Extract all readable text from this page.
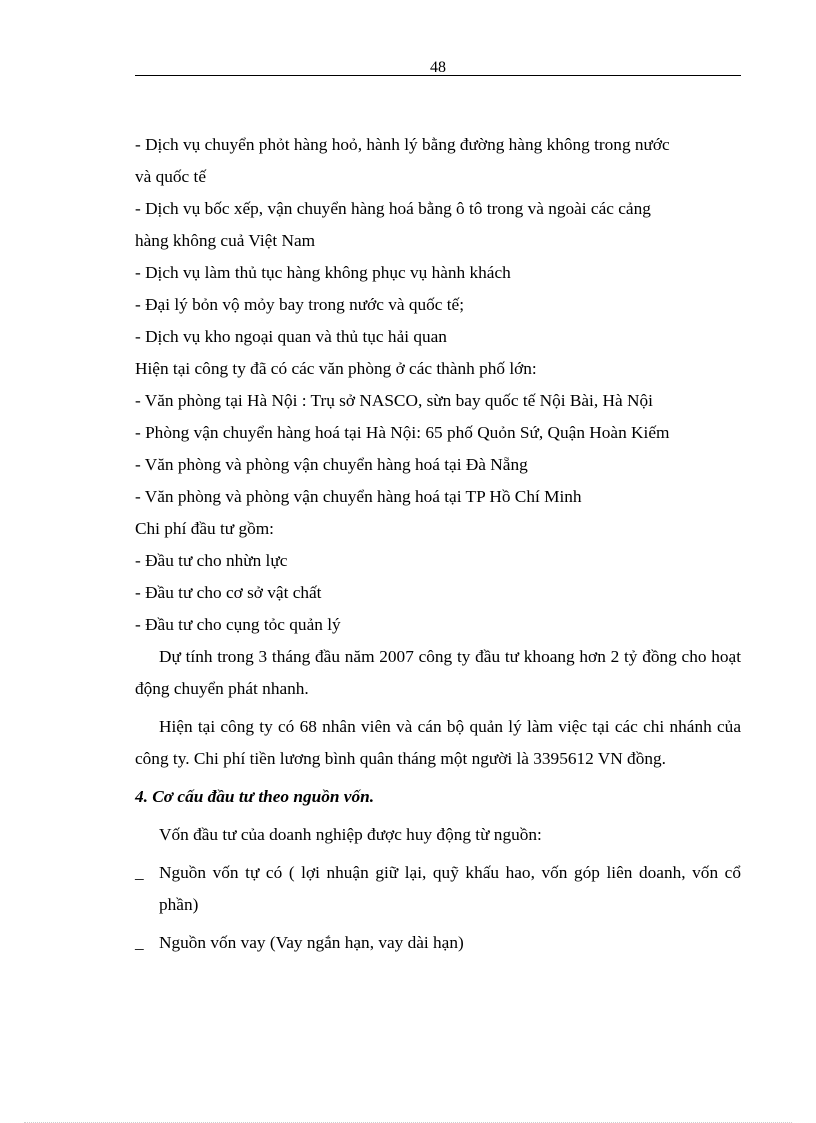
48
- Dịch vụ chuyển phỏt hàng hoỏ, hành lý bằng đường hàng không trong nước
và quốc tế
- Dịch vụ bốc xếp, vận chuyển hàng hoá bằng ô tô trong và ngoài các cảng
hàng không cuả Việt Nam
- Dịch vụ làm thủ tục hàng không phục vụ hành khách
- Đại lý bỏn vộ mỏy bay trong nước và quốc tế;
- Dịch vụ kho ngoại quan và thủ tục hải quan
Hiện tại công ty đã có các văn phòng ở các thành phố lớn:
- Văn phòng tại Hà Nội : Trụ sở NASCO, sừn bay quốc tế Nội Bài, Hà Nội
- Phòng vận chuyển hàng hoá tại Hà Nội: 65 phố Quỏn Sứ, Quận Hoàn Kiếm
- Văn phòng và phòng vận chuyển hàng hoá tại Đà Nẵng
- Văn phòng và phòng vận chuyển hàng hoá tại TP Hồ Chí Minh
Chi phí đầu tư gồm:
- Đầu tư cho nhừn lực
- Đầu tư cho cơ sở vật chất
- Đầu tư cho cụng tỏc quản lý
Dự tính trong 3 tháng đầu năm 2007 công ty đầu tư khoang hơn 2 tỷ đồng cho hoạt động chuyển phát nhanh.
Hiện tại công ty có 68 nhân viên và cán bộ quản lý làm việc tại các chi nhánh của công ty. Chi phí tiền lương bình quân tháng một người là 3395612 VN đồng.
4. Cơ cấu đầu tư theo nguồn vốn.
Vốn đầu tư của doanh nghiệp được huy động từ nguồn:
_ Nguồn vốn tự có ( lợi nhuận giữ lại, quỹ khấu hao, vốn góp liên doanh, vốn cổ phần)
_ Nguồn vốn vay (Vay ngắn hạn, vay dài hạn)
